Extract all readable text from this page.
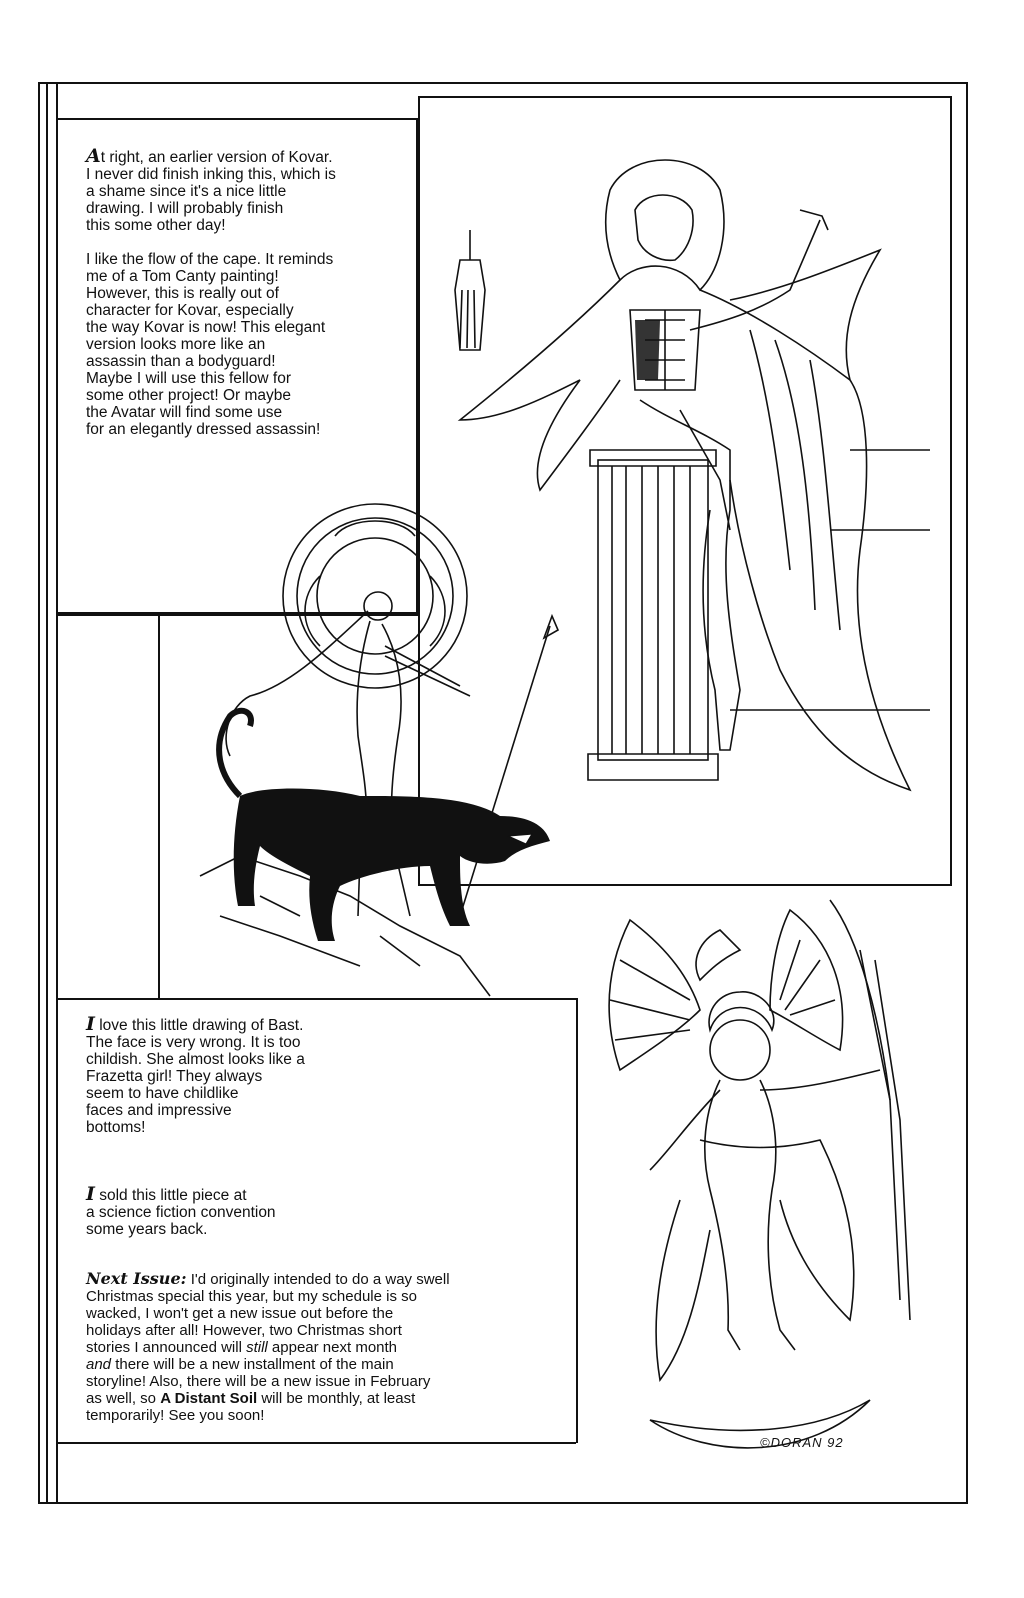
At right, an earlier version of Kovar.
I never did finish inking this, which is
a shame since it's a nice little
drawing. I will probably finish
this some other day!

I like the flow of the cape. It reminds
me of a Tom Canty painting!
However, this is really out of
character for Kovar, especially
the way Kovar is now! This elegant
version looks more like an
assassin than a bodyguard!
Maybe I will use this fellow for
some other project! Or maybe
the Avatar will find some use
for an elegantly dressed assassin!
I love this little drawing of Bast.
The face is very wrong. It is too
childish. She almost looks like a
Frazetta girl! They always
seem to have childlike
faces and impressive
bottoms!
I sold this little piece at
a science fiction convention
some years back.
Next Issue: I'd originally intended to do a way swell
Christmas special this year, but my schedule is so
wacked, I won't get a new issue out before the
holidays after all! However, two Christmas short
stories I announced will still appear next month
and there will be a new installment of the main
storyline! Also, there will be a new issue in February
as well, so A Distant Soil will be monthly, at least
temporarily! See you soon!
©DORAN 92
